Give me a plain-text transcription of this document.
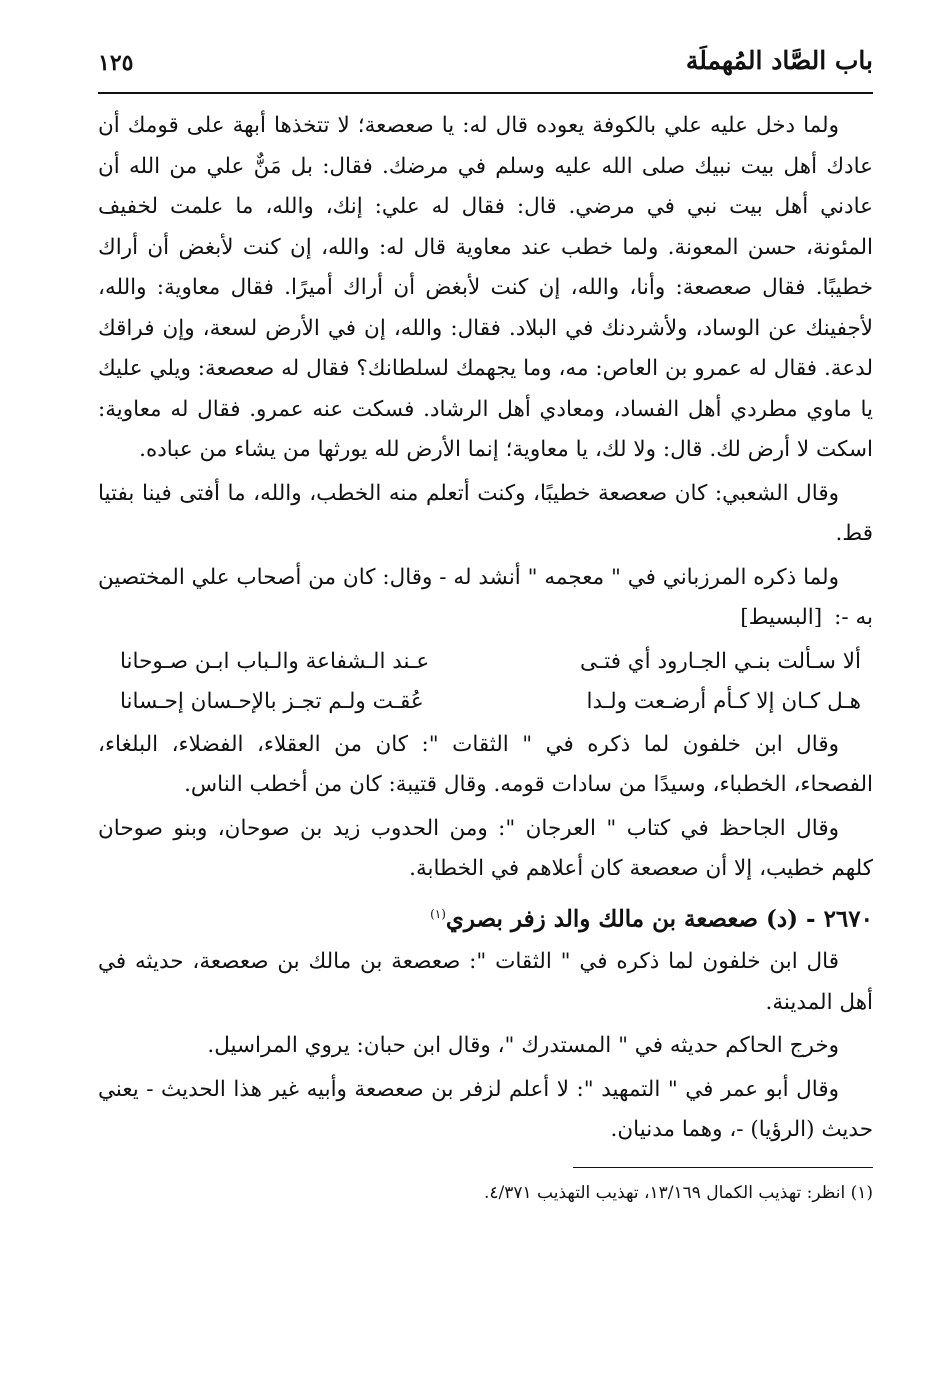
باب الصَّاد المُهملَة
١٢٥

ولما دخل عليه علي بالكوفة يعوده قال له: يا صعصعة؛ لا تتخذها أبهة على قومك أن عادك أهل بيت نبيك صلى الله عليه وسلم في مرضك. فقال: بل مَنٌّ علي من الله أن عادني أهل بيت نبي في مرضي. قال: فقال له علي: إنك، والله، ما علمت لخفيف المئونة، حسن المعونة. ولما خطب عند معاوية قال له: والله، إن كنت لأبغض أن أراك خطيبًا. فقال صعصعة: وأنا، والله، إن كنت لأبغض أن أراك أميرًا. فقال معاوية: والله، لأجفينك عن الوساد، ولأشردنك في البلاد. فقال: والله، إن في الأرض لسعة، وإن فراقك لدعة. فقال له عمرو بن العاص: مه، وما يجهمك لسلطانك؟ فقال له صعصعة: ويلي عليك يا ماوي مطردي أهل الفساد، ومعادي أهل الرشاد. فسكت عنه عمرو. فقال له معاوية: اسكت لا أرض لك. قال: ولا لك، يا معاوية؛ إنما الأرض لله يورثها من يشاء من عباده.

وقال الشعبي: كان صعصعة خطيبًا، وكنت أتعلم منه الخطب، والله، ما أفتى فينا بفتيا قط.

ولما ذكره المرزباني في " معجمه " أنشد له - وقال: كان من أصحاب علي المختصين به -:[البسيط]

ألا سـألت بنـي الجـارود أي فتـى
عـند الـشفاعة والـباب ابـن صـوحانا
هـل كـان إلا كـأم أرضـعت ولـدا
عُقـت ولـم تجـز بالإحـسان إحـسانا

وقال ابن خلفون لما ذكره في " الثقات ": كان من العقلاء، الفضلاء، البلغاء، الفصحاء، الخطباء، وسيدًا من سادات قومه. وقال قتيبة: كان من أخطب الناس.

وقال الجاحظ في كتاب " العرجان ": ومن الحدوب زيد بن صوحان، وبنو صوحان كلهم خطيب، إلا أن صعصعة كان أعلاهم في الخطابة.

٢٦٧٠ - (د) صعصعة بن مالك والد زفر بصري$^{(١)}$

قال ابن خلفون لما ذكره في " الثقات ": صعصعة بن مالك بن صعصعة، حديثه في أهل المدينة.

وخرج الحاكم حديثه في " المستدرك "، وقال ابن حبان: يروي المراسيل.

وقال أبو عمر في " التمهيد ": لا أعلم لزفر بن صعصعة وأبيه غير هذا الحديث - يعني حديث (الرؤيا) -، وهما مدنيان.

(١) انظر: تهذيب الكمال ١٣/١٦٩، تهذيب التهذيب ٤/٣٧١.
